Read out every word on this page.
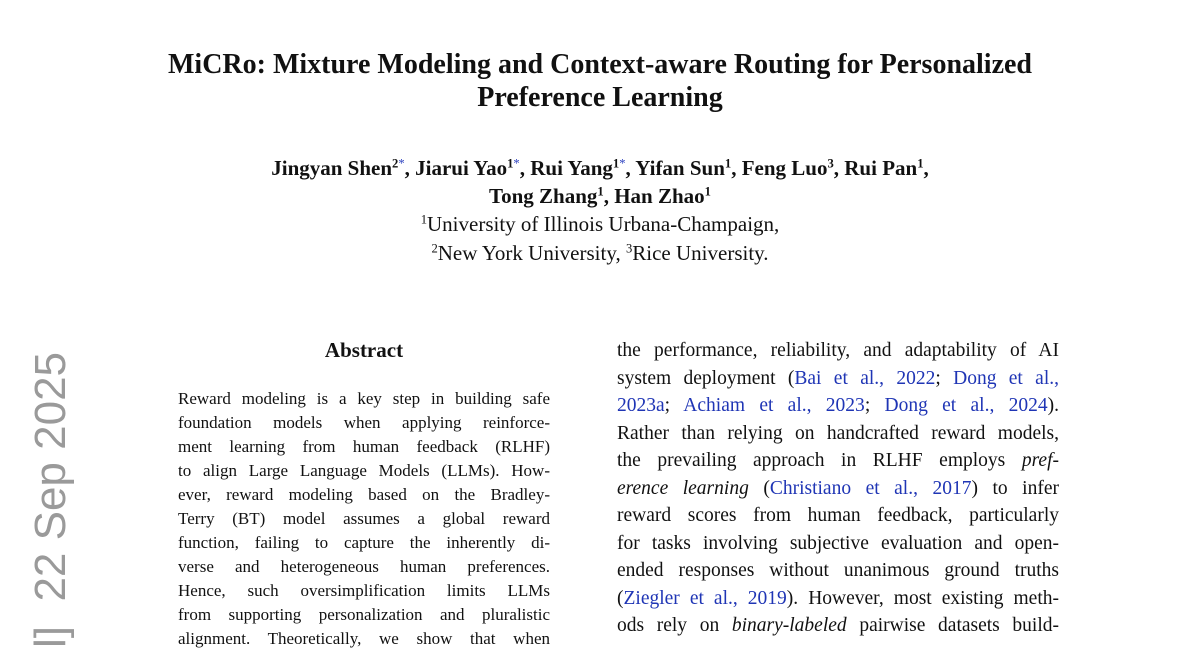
l]  22 Sep 2025
MiCRo: Mixture Modeling and Context-aware Routing for Personalized
Preference Learning
Jingyan Shen$^{2*}$, Jiarui Yao$^{1*}$, Rui Yang$^{1*}$, Yifan Sun$^1$, Feng Luo$^3$, Rui Pan$^1$,
Tong Zhang$^1$, Han Zhao$^1$
$^1$University of Illinois Urbana-Champaign,
$^2$New York University, $^3$Rice University.
Abstract
Reward modeling is a key step in building safe
foundation models when applying reinforce-
ment learning from human feedback (RLHF)
to align Large Language Models (LLMs). How-
ever, reward modeling based on the Bradley-
Terry (BT) model assumes a global reward
function, failing to capture the inherently di-
verse and heterogeneous human preferences.
Hence, such oversimplification limits LLMs
from supporting personalization and pluralistic
alignment. Theoretically, we show that when
the performance, reliability, and adaptability of AI
system deployment (Bai et al., 2022; Dong et al.,
2023a; Achiam et al., 2023; Dong et al., 2024).
Rather than relying on handcrafted reward models,
the prevailing approach in RLHF employs pref-
erence learning (Christiano et al., 2017) to infer
reward scores from human feedback, particularly
for tasks involving subjective evaluation and open-
ended responses without unanimous ground truths
(Ziegler et al., 2019). However, most existing meth-
ods rely on binary-labeled pairwise datasets build-
